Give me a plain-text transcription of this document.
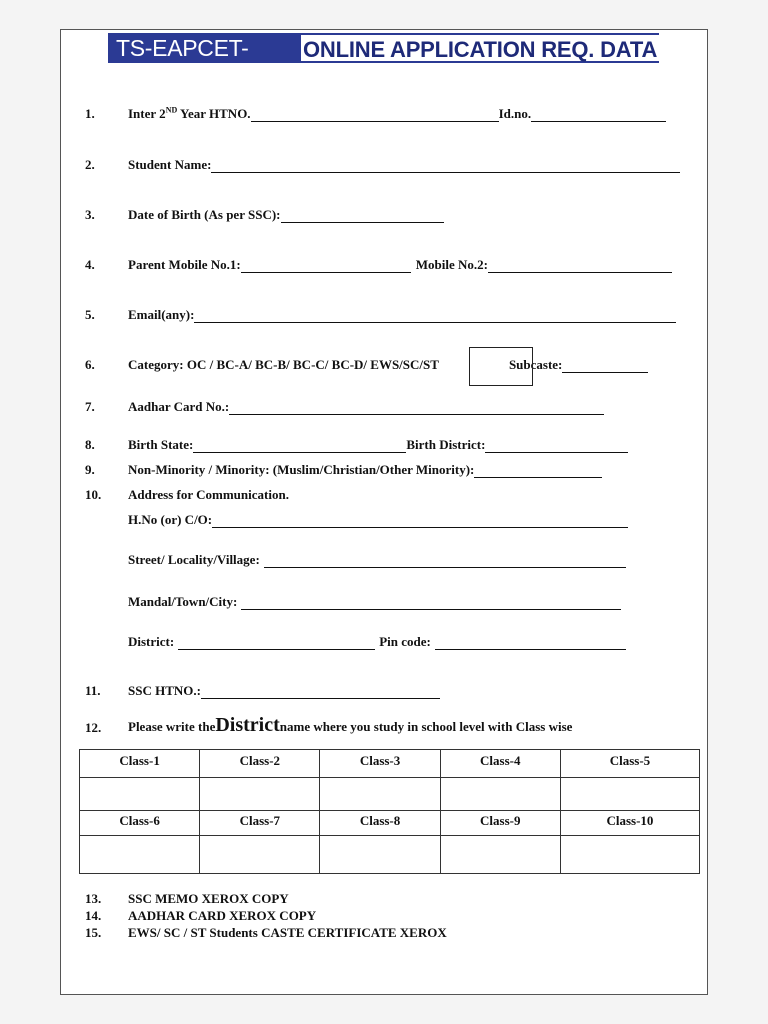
TS-EAPCET-2025
ONLINE APPLICATION REQ. DATA
1.	Inter 2ND Year HTNO.	Id.no.
2.	Student Name:
3.	Date of Birth (As per SSC):
4.	Parent Mobile No.1:	Mobile No.2:
5.	Email(any):
6.	Category: OC / BC-A/ BC-B/ BC-C/ BC-D/ EWS/SC/ST	Subcaste:
7.	Aadhar Card No.:
8.	Birth State:	Birth District:
9.	Non-Minority / Minority: (Muslim/Christian/Other Minority):
10. Address for Communication.
H.No (or) C/O:
Street/ Locality/Village:
Mandal/Town/City:
District:	Pin code:
11. SSC HTNO.:
12. Please write the District name where you study in school level with Class wise
Class-1	Class-2	Class-3	Class-4	Class-5

Class-6	Class-7	Class-8	Class-9	Class-10

13. SSC MEMO XEROX COPY
14. AADHAR CARD XEROX COPY
15. EWS/ SC / ST Students CASTE CERTIFICATE XEROX
